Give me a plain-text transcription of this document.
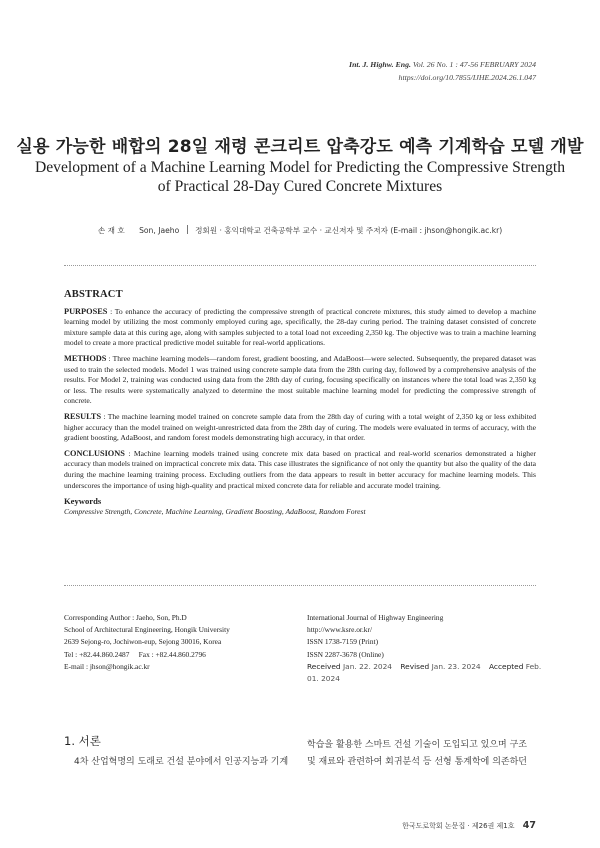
Int. J. Highw. Eng. Vol. 26 No. 1 : 47-56 FEBRUARY 2024
https://doi.org/10.7855/IJHE.2024.26.1.047
실용 가능한 배합의 28일 재령 콘크리트 압축강도 예측 기계학습 모델 개발
Development of a Machine Learning Model for Predicting the Compressive Strength
of Practical 28-Day Cured Concrete Mixtures
손 재 호 Son, Jaeho 정회원 · 홍익대학교 건축공학부 교수 · 교신저자 및 주저자 (E-mail : jhson@hongik.ac.kr)
ABSTRACT

PURPOSES : To enhance the accuracy of predicting the compressive strength of practical concrete mixtures, this study aimed to develop a machine learning model by utilizing the most commonly employed curing age, specifically, the 28-day curing period. The training dataset consisted of concrete mixture sample data at this curing age, along with samples subjected to a total load not exceeding 2,350 kg. The objective was to train a machine learning model to create a more practical predictive model suitable for real-world applications.

METHODS : Three machine learning models—random forest, gradient boosting, and AdaBoost—were selected. Subsequently, the prepared dataset was used to train the selected models. Model 1 was trained using concrete sample data from the 28th curing day, followed by a comprehensive analysis of the results. For Model 2, training was conducted using data from the 28th day of curing, focusing specifically on instances where the total load was 2,350 kg or less. The results were systematically analyzed to determine the most suitable machine learning model for predicting the compressive strength of concrete.

RESULTS : The machine learning model trained on concrete sample data from the 28th day of curing with a total weight of 2,350 kg or less exhibited higher accuracy than the model trained on weight-unrestricted data from the 28th day of curing. The models were evaluated in terms of accuracy, with the gradient boosting, AdaBoost, and random forest models demonstrating high accuracy, in that order.

CONCLUSIONS : Machine learning models trained using concrete mix data based on practical and real-world scenarios demonstrated a higher accuracy than models trained on impractical concrete mix data. This case illustrates the significance of not only the quantity but also the quality of the data during the machine learning training process. Excluding outliers from the data appears to result in better accuracy for machine learning models. This underscores the importance of using high-quality and practical mixed concrete data for reliable and accurate model training.

Keywords
Compressive Strength, Concrete, Machine Learning, Gradient Boosting, AdaBoost, Random Forest
Corresponding Author : Jaeho, Son, Ph.D
School of Architectural Engineering, Hongik University
2639 Sejong-ro, Jochiwon-eup, Sejong 30016, Korea
Tel : +82.44.860.2487     Fax : +82.44.860.2796
E-mail : jhson@hongik.ac.kr
International Journal of Highway Engineering
http://www.ksre.or.kr/
ISSN 1738-7159 (Print)
ISSN 2287-3678 (Online)
Received Jan. 22. 2024 Revised Jan. 23. 2024 Accepted Feb. 01. 2024
1. 서론
4차 산업혁명의 도래로 건설 분야에서 인공지능과 기계
학습을 활용한 스마트 건설 기술이 도입되고 있으며 구조
및 재료와 관련하여 회귀분석 등 선형 통계학에 의존하던
한국도로학회 논문집 · 제26권 제1호 47
